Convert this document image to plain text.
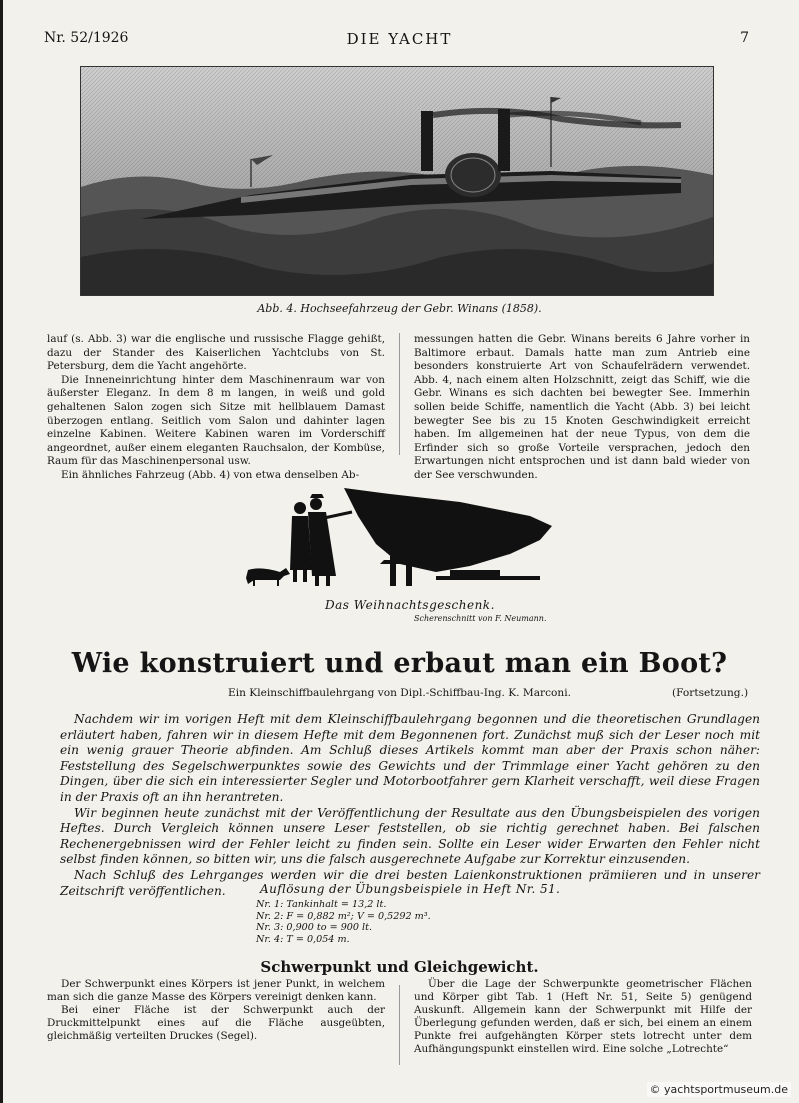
DIE YACHT
Nr. 52/1926	7
Abb. 4. Hochseefahrzeug der Gebr. Winans (1858).

lauf (s. Abb. 3) war die englische und russische Flagge gehißt, dazu der Stander des Kaiserlichen Yachtclubs von St. Petersburg, dem die Yacht angehörte.

Die Inneneinrichtung hinter dem Maschinenraum war von äußerster Eleganz. In dem 8 m langen, in weiß und gold gehaltenen Salon zogen sich Sitze mit hellblauem Damast überzogen entlang. Seitlich vom Salon und dahinter lagen einzelne Kabinen. Weitere Kabinen waren im Vorderschiff angeordnet, außer einem eleganten Rauchsalon, der Kombüse, Raum für das Maschinenpersonal usw.

Ein ähnliches Fahrzeug (Abb. 4) von etwa denselben Ab-

messungen hatten die Gebr. Winans bereits 6 Jahre vorher in Baltimore erbaut. Damals hatte man zum Antrieb eine besonders konstruierte Art von Schaufelrädern verwendet. Abb. 4, nach einem alten Holzschnitt, zeigt das Schiff, wie die Gebr. Winans es sich dachten bei bewegter See. Immerhin sollen beide Schiffe, namentlich die Yacht (Abb. 3) bei leicht bewegter See bis zu 15 Knoten Geschwindigkeit erreicht haben. Im allgemeinen hat der neue Typus, von dem die Erfinder sich so große Vorteile versprachen, jedoch den Erwartungen nicht entsprochen und ist dann bald wieder von der See verschwunden.

Das Weihnachtsgeschenk.
Scherenschnitt von F. Neumann.
Wie konstruiert und erbaut man ein Boot?
Ein Kleinschiffbaulehrgang von Dipl.-Schiffbau-Ing. K. Marconi.	(Fortsetzung.)

Nachdem wir im vorigen Heft mit dem Kleinschiffbaulehrgang begonnen und die theoretischen Grundlagen erläutert haben, fahren wir in diesem Hefte mit dem Begonnenen fort. Zunächst muß sich der Leser noch mit ein wenig grauer Theorie abfinden. Am Schluß dieses Artikels kommt man aber der Praxis schon näher: Feststellung des Segelschwerpunktes sowie des Gewichts und der Trimmlage einer Yacht gehören zu den Dingen, über die sich ein interessierter Segler und Motorbootfahrer gern Klarheit verschafft, weil diese Fragen in der Praxis oft an ihn herantreten.

Wir beginnen heute zunächst mit der Veröffentlichung der Resultate aus den Übungsbeispielen des vorigen Heftes. Durch Vergleich können unsere Leser feststellen, ob sie richtig gerechnet haben. Bei falschen Rechenergebnissen wird der Fehler leicht zu finden sein. Sollte ein Leser wider Erwarten den Fehler nicht selbst finden können, so bitten wir, uns die falsch ausgerechnete Aufgabe zur Korrektur einzusenden.

Nach Schluß des Lehrganges werden wir die drei besten Laienkonstruktionen prämiieren und in unserer Zeitschrift veröffentlichen.	Auflösung der Übungsbeispiele in Heft Nr. 51.
Nr. 1: Tankinhalt = 13,2 lt.
Nr. 2: F = 0,882 m²; V = 0,5292 m³.
Nr. 3: 0,900 to = 900 lt.
Nr. 4: T = 0,054 m.
Schwerpunkt und Gleichgewicht.

Der Schwerpunkt eines Körpers ist jener Punkt, in welchem man sich die ganze Masse des Körpers vereinigt denken kann.

Bei einer Fläche ist der Schwerpunkt auch der Druckmittelpunkt eines auf die Fläche ausgeübten, gleichmäßig verteilten Druckes (Segel).

Über die Lage der Schwerpunkte geometrischer Flächen und Körper gibt Tab. 1 (Heft Nr. 51, Seite 5) genügend Auskunft. Allgemein kann der Schwerpunkt mit Hilfe der Überlegung gefunden werden, daß er sich, bei einem an einem Punkte frei aufgehängten Körper stets lotrecht unter dem Aufhängungspunkt einstellen wird. Eine solche „Lotrechte“

© yachtsportmuseum.de
